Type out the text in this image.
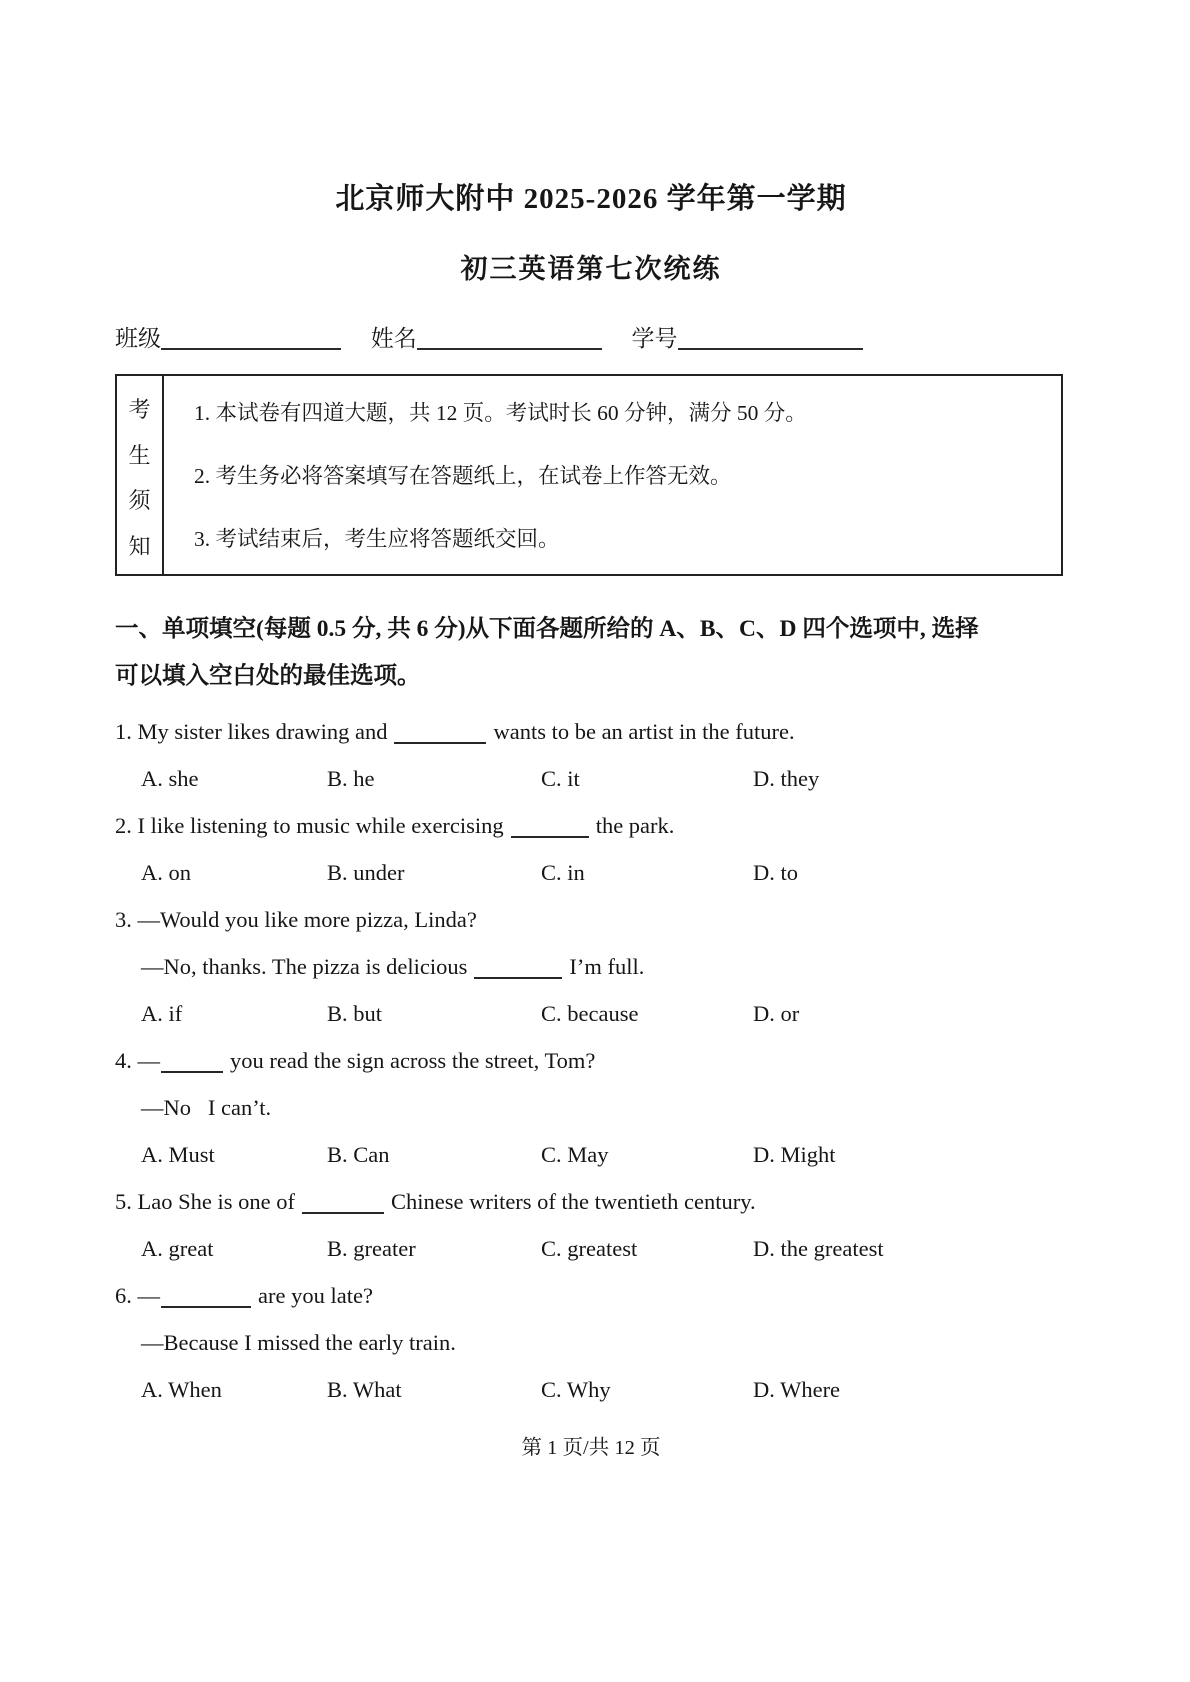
北京师大附中 2025-2026 学年第一学期
初三英语第七次统练
班级	姓名	学号
考
生
须
知

1. 本试卷有四道大题，共 12 页。考试时长 60 分钟，满分 50 分。

2. 考生务必将答案填写在答题纸上，在试卷上作答无效。

3. 考试结束后，考生应将答题纸交回。

一、单项填空(每题 0.5 分, 共 6 分)从下面各题所给的 A、B、C、D 四个选项中, 选择
可以填入空白处的最佳选项。

1. My sister likes drawing and	wants to be an artist in the future.

A. she	B. he	C. it	D. they

2. I like listening to music while exercising	the park.

A. on	B. under	C. in	D. to

3. —Would you like more pizza, Linda?

—No, thanks. The pizza is delicious	I’m full.

A. if	B. but	C. because	D. or

4. —	you read the sign across the street, Tom?

—No   I can’t.

A. Must	B. Can	C. May	D. Might

5. Lao She is one of	Chinese writers of the twentieth century.

A. great	B. greater	C. greatest	D. the greatest

6. —	are you late?

—Because I missed the early train.

A. When	B. What	C. Why	D. Where

第 1 页/共 12 页
